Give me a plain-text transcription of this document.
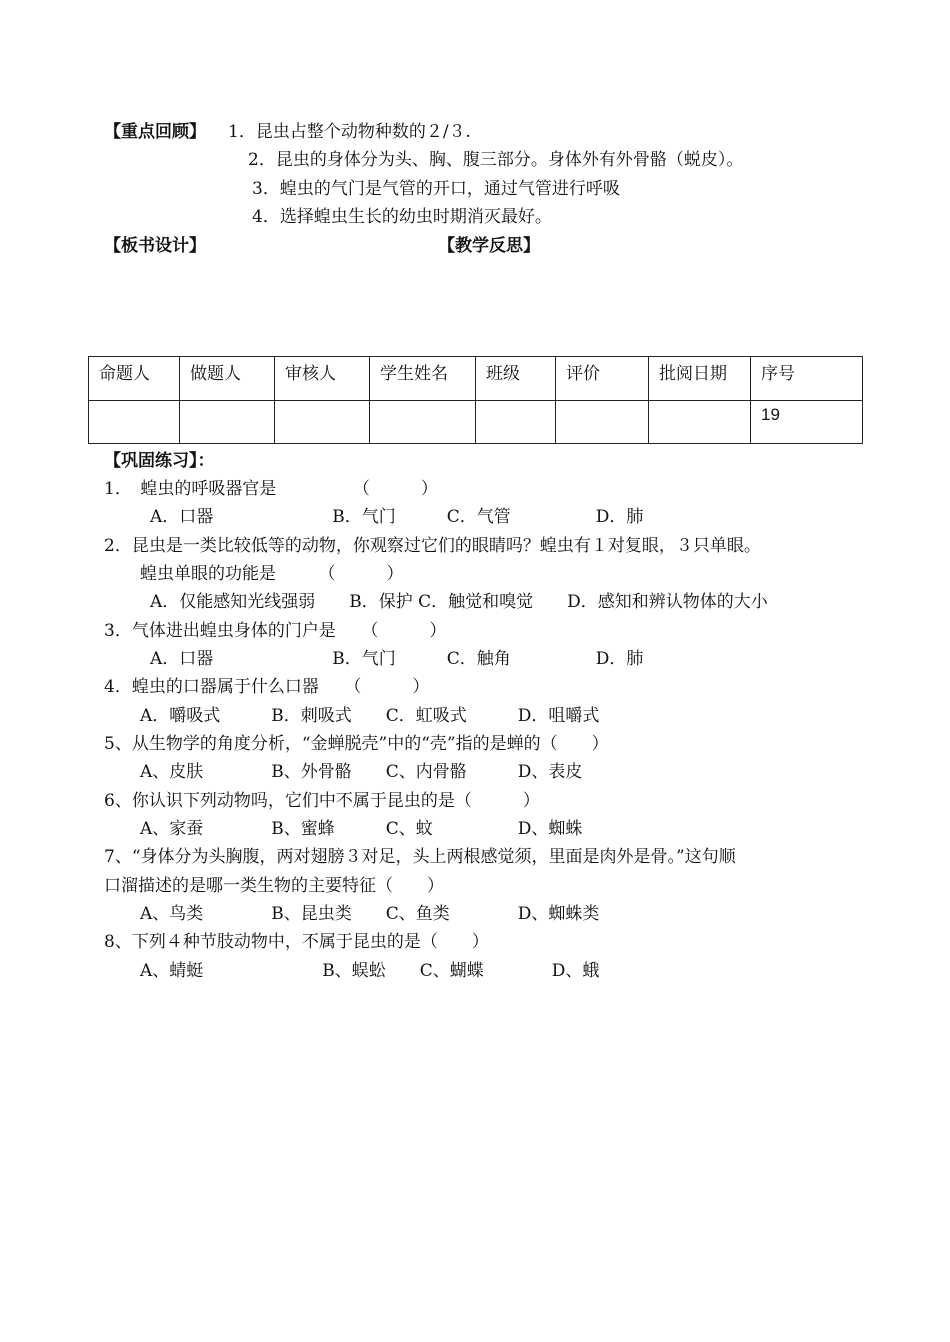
【重点回顾】 1．昆虫占整个动物种数的２/３.
2．昆虫的身体分为头、胸、腹三部分。身体外有外骨骼（蜕皮）。
3．蝗虫的气门是气管的开口，通过气管进行呼吸
4．选择蝗虫生长的幼虫时期消灭最好。
【板书设计】	【教学反思】
命题人	做题人	审核人	学生姓名	班级	评价	批阅日期	序号
							19
【巩固练习】：
1．　蝗虫的呼吸器官是　　　　　（　　　）
A．口器　　　　　　　B．气门　　　C．气管　　　　　D．肺
2．昆虫是一类比较低等的动物，你观察过它们的眼睛吗？蝗虫有１对复眼，３只单眼。
蝗虫单眼的功能是　　　（　　　）
A．仅能感知光线强弱　　B．保护 C．触觉和嗅觉　　D．感知和辨认物体的大小
3．气体进出蝗虫身体的门户是　　（　　　）
A．口器　　　　　　　B．气门　　　C．触角　　　　　D．肺
4．蝗虫的口器属于什么口器　　（　　　）
A．嚼吸式　　　B．刺吸式　　C．虹吸式　　　D．咀嚼式
5、从生物学的角度分析，“金蝉脱壳”中的“壳”指的是蝉的（　　）
A、皮肤　　　　B、外骨骼　　C、内骨骼　　　D、表皮
6、你认识下列动物吗，它们中不属于昆虫的是（　　　）
A、家蚕　　　　B、蜜蜂　　　C、蚊　　　　　D、蜘蛛
7、“身体分为头胸腹，两对翅膀３对足，头上两根感觉须，里面是肉外是骨。”这句顺
口溜描述的是哪一类生物的主要特征（　　）
A、鸟类　　　　B、昆虫类　　C、鱼类　　　　D、蜘蛛类
8、下列４种节肢动物中，不属于昆虫的是（　　）
A、蜻蜓　　　　　　　B、蜈蚣　　C、蝴蝶　　　　D、蛾
